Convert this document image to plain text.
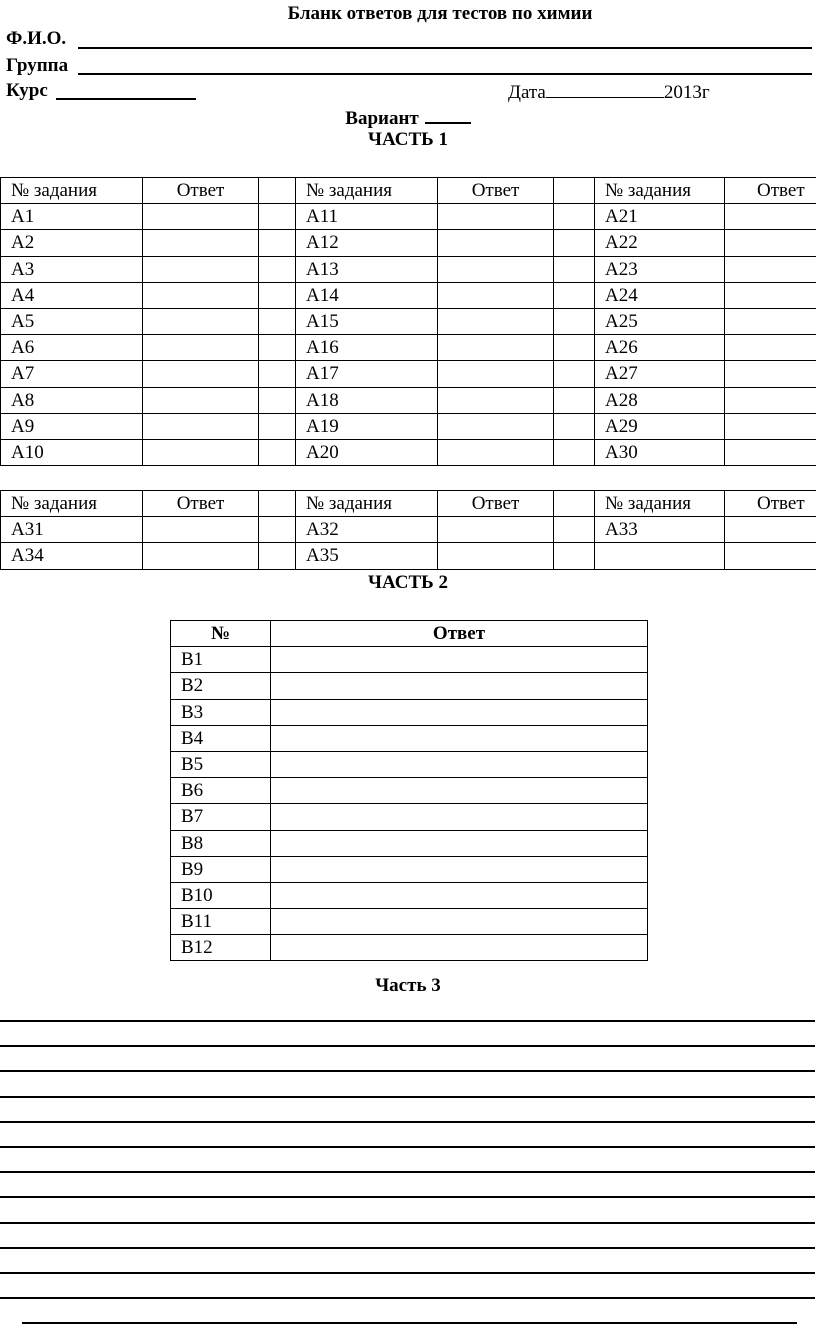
Бланк ответов для тестов по химии
Ф.И.О.
Группа
Курс	Дата	2013г
Вариант
ЧАСТЬ 1
№ задания	Ответ		№ задания	Ответ		№ задания	Ответ
А1			А11			А21	
А2			А12			А22	
А3			А13			А23	
А4			А14			А24	
А5			А15			А25	
А6			А16			А26	
А7			А17			А27	
А8			А18			А28	
А9			А19			А29	
А10			А20			А30	
№ задания	Ответ		№ задания	Ответ		№ задания	Ответ
А31			А32			А33	
А34			А35				
ЧАСТЬ 2
№	Ответ
В1	
В2	
В3	
В4	
В5	
В6	
В7	
В8	
В9	
В10	
В11	
В12	
Часть 3
